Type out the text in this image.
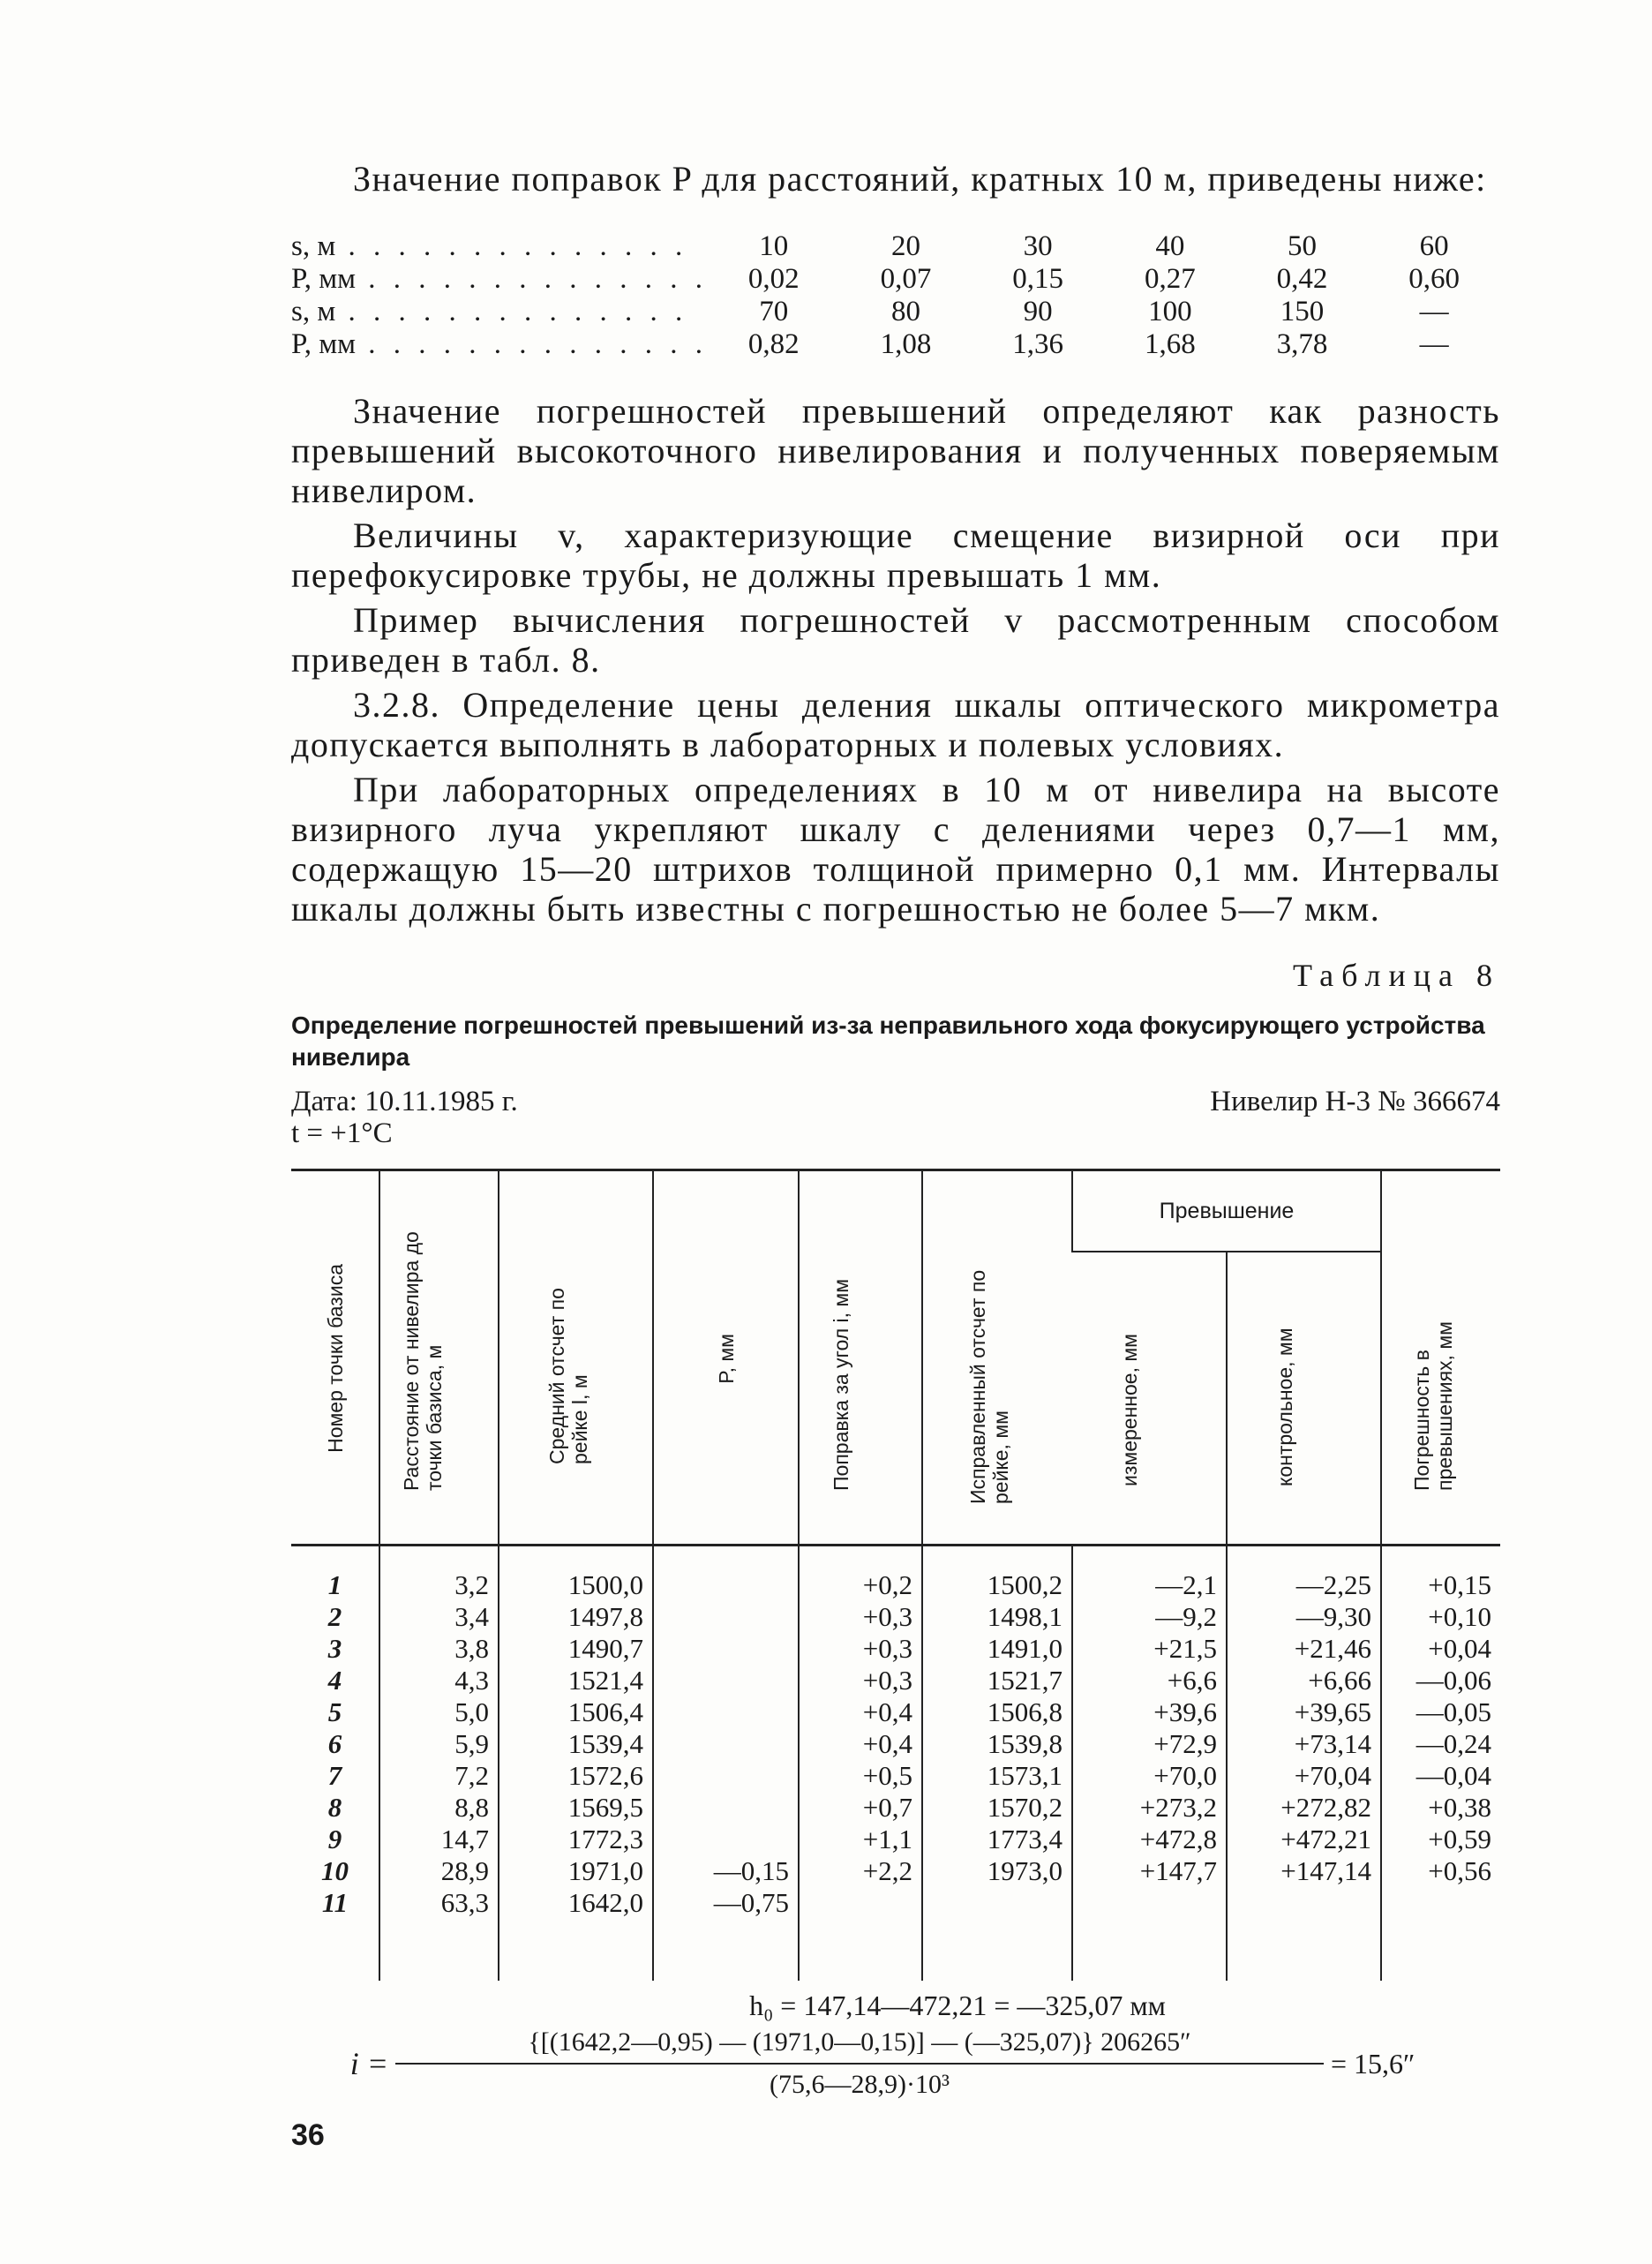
Значение поправок P для расстояний, кратных 10 м, приведены ниже:

s, м . . . . . . . . . . . . . .	10	20	30	40	50	60
P, мм . . . . . . . . . . . . . .	0,02	0,07	0,15	0,27	0,42	0,60
s, м . . . . . . . . . . . . . .	70	80	90	100	150	—
P, мм . . . . . . . . . . . . . .	0,82	1,08	1,36	1,68	3,78	—

Значение погрешностей превышений определяют как разность превышений высокоточного нивелирования и полученных поверяемым нивелиром.

Величины v, характеризующие смещение визирной оси при перефокусировке трубы, не должны превышать 1 мм.

Пример вычисления погрешностей v рассмотренным способом приведен в табл. 8.

3.2.8. Определение цены деления шкалы оптического микрометра допускается выполнять в лабораторных и полевых условиях.

При лабораторных определениях в 10 м от нивелира на высоте визирного луча укрепляют шкалу с делениями через 0,7—1 мм, содержащую 15—20 штрихов толщиной примерно 0,1 мм. Интервалы шкалы должны быть известны с погрешностью не более 5—7 мкм.

Таблица 8
Определение погрешностей превышений из-за неправильного хода фокусирующего устройства нивелира
Дата: 10.11.1985 г.	Нивелир Н-3 № 366674
t = +1°С
Номер точки базиса	Расстояние от нивелира до точки базиса, м	Средний отсчет по рейке l, м	P, мм	Поправка за угол i, мм	Исправленный отсчет по рейке, мм	Превышение		Погрешность в превышениях, мм

						измеренное, мм	контрольное, мм	

1	3,2	1500,0		+0,2	1500,2	—2,1	—2,25	+0,15
2	3,4	1497,8		+0,3	1498,1	—9,2	—9,30	+0,10
3	3,8	1490,7		+0,3	1491,0	+21,5	+21,46	+0,04
4	4,3	1521,4		+0,3	1521,7	+6,6	+6,66	—0,06
5	5,0	1506,4		+0,4	1506,8	+39,6	+39,65	—0,05
6	5,9	1539,4		+0,4	1539,8	+72,9	+73,14	—0,24
7	7,2	1572,6		+0,5	1573,1	+70,0	+70,04	—0,04
8	8,8	1569,5		+0,7	1570,2	+273,2	+272,82	+0,38
9	14,7	1772,3		+1,1	1773,4	+472,8	+472,21	+0,59
10	28,9	1971,0	—0,15	+2,2	1973,0	+147,7	+147,14	+0,56
11	63,3	1642,0	—0,75					

h₀ = 147,14—472,21 = —325,07 мм
$i = \frac{\{[(1642,2—0,95) — (1971,0—0,15)] — (—325,07)\} 206265''}{\text{(75,6—28,9)·10³}} = 15,6''$
36
